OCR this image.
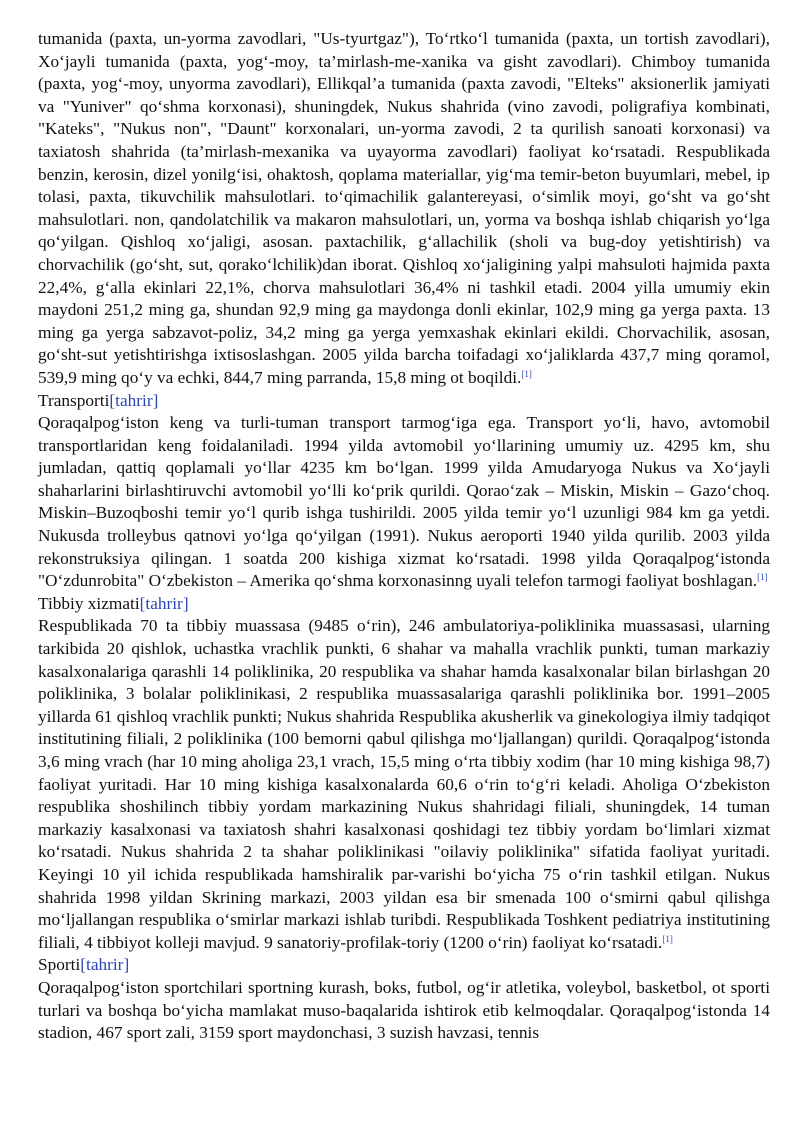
tumanida (paxta, un-yorma zavodlari, "Us-tyurtgaz"), To‘rtko‘l tumanida (paxta, un tortish zavodlari), Xo‘jayli tumanida (paxta, yog‘-moy, ta’mirlash-me-xanika va gisht zavodlari). Chimboy tumanida (paxta, yog‘-moy, unyorma zavodlari), Ellikqal’a tumanida (paxta zavodi, "Elteks" aksionerlik jamiyati va "Yuniver" qo‘shma korxonasi), shuningdek, Nukus shahrida (vino zavodi, poligrafiya kombinati, "Kateks", "Nukus non", "Daunt" korxonalari, un-yorma zavodi, 2 ta qurilish sanoati korxonasi) va taxiatosh shahrida (ta’mirlash-mexanika va uyayorma zavodlari) faoliyat ko‘rsatadi. Respublikada benzin, kerosin, dizel yonilg‘isi, ohaktosh, qoplama materiallar, yig‘ma temir-beton buyumlari, mebel, ip tolasi, paxta, tikuvchilik mahsulotlari. to‘qimachilik galantereyasi, o‘simlik moyi, go‘sht va go‘sht mahsulotlari. non, qandolatchilik va makaron mahsulotlari, un, yorma va boshqa ishlab chiqarish yo‘lga qo‘yilgan. Qishloq xo‘jaligi, asosan. paxtachilik, g‘allachilik (sholi va bug-doy yetishtirish) va chorvachilik (go‘sht, sut, qorako‘lchilik)dan iborat. Qishloq xo‘jaligining yalpi mahsuloti hajmida paxta 22,4%, g‘alla ekinlari 22,1%, chorva mahsulotlari 36,4% ni tashkil etadi. 2004 yilla umumiy ekin maydoni 251,2 ming ga, shundan 92,9 ming ga maydonga donli ekinlar, 102,9 ming ga yerga paxta. 13 ming ga yerga sabzavot-poliz, 34,2 ming ga yerga yemxashak ekinlari ekildi. Chorvachilik, asosan, go‘sht-sut yetishtirishga ixtisoslashgan. 2005 yilda barcha toifadagi xo‘jaliklarda 437,7 ming qoramol, 539,9 ming qo‘y va echki, 844,7 ming parranda, 15,8 ming ot boqildi.[1]

Transporti[tahrir]

Qoraqalpog‘iston keng va turli-tuman transport tarmog‘iga ega. Transport yo‘li, havo, avtomobil transportlaridan keng foidalaniladi. 1994 yilda avtomobil yo‘llarining umumiy uz. 4295 km, shu jumladan, qattiq qoplamali yo‘llar 4235 km bo‘lgan. 1999 yilda Amudaryoga Nukus va Xo‘jayli shaharlarini birlashtiruvchi avtomobil yo‘lli ko‘prik qurildi. Qorao‘zak – Miskin, Miskin – Gazo‘choq. Miskin–Buzoqboshi temir yo‘l qurib ishga tushirildi. 2005 yilda temir yo‘l uzunligi 984 km ga yetdi. Nukusda trolleybus qatnovi yo‘lga qo‘yilgan (1991). Nukus aeroporti 1940 yilda qurilib. 2003 yilda rekonstruksiya qilingan. 1 soatda 200 kishiga xizmat ko‘rsatadi. 1998 yilda Qoraqalpog‘istonda "O‘zdunrobita" O‘zbekiston – Amerika qo‘shma korxonasinng uyali telefon tarmogi faoliyat boshlagan.[1]

Tibbiy xizmati[tahrir]

Respublikada 70 ta tibbiy muassasa (9485 o‘rin), 246 ambulatoriya-poliklinika muassasasi, ularning tarkibida 20 qishlok, uchastka vrachlik punkti, 6 shahar va mahalla vrachlik punkti, tuman markaziy kasalxonalariga qarashli 14 poliklinika, 20 respublika va shahar hamda kasalxonalar bilan birlashgan 20 poliklinika, 3 bolalar poliklinikasi, 2 respublika muassasalariga qarashli poliklinika bor. 1991–2005 yillarda 61 qishloq vrachlik punkti; Nukus shahrida Respublika akusherlik va ginekologiya ilmiy tadqiqot institutining filiali, 2 poliklinika (100 bemorni qabul qilishga mo‘ljallangan) qurildi. Qoraqalpog‘istonda 3,6 ming vrach (har 10 ming aholiga 23,1 vrach, 15,5 ming o‘rta tibbiy xodim (har 10 ming kishiga 98,7) faoliyat yuritadi. Har 10 ming kishiga kasalxonalarda 60,6 o‘rin to‘g‘ri keladi. Aholiga O‘zbekiston respublika shoshilinch tibbiy yordam markazining Nukus shahridagi filiali, shuningdek, 14 tuman markaziy kasalxonasi va taxiatosh shahri kasalxonasi qoshidagi tez tibbiy yordam bo‘limlari xizmat ko‘rsatadi. Nukus shahrida 2 ta shahar poliklinikasi "oilaviy poliklinika" sifatida faoliyat yuritadi. Keyingi 10 yil ichida respublikada hamshiralik par-varishi bo‘yicha 75 o‘rin tashkil etilgan. Nukus shahrida 1998 yildan Skrining markazi, 2003 yildan esa bir smenada 100 o‘smirni qabul qilishga mo‘ljallangan respublika o‘smirlar markazi ishlab turibdi. Respublikada Toshkent pediatriya institutining filiali, 4 tibbiyot kolleji mavjud. 9 sanatoriy-profilak-toriy (1200 o‘rin) faoliyat ko‘rsatadi.[1]

Sporti[tahrir]

Qoraqalpog‘iston sportchilari sportning kurash, boks, futbol, og‘ir atletika, voleybol, basketbol, ot sporti turlari va boshqa bo‘yicha mamlakat muso-baqalarida ishtirok etib kelmoqdalar. Qoraqalpog‘istonda 14 stadion, 467 sport zali, 3159 sport maydonchasi, 3 suzish havzasi, tennis
